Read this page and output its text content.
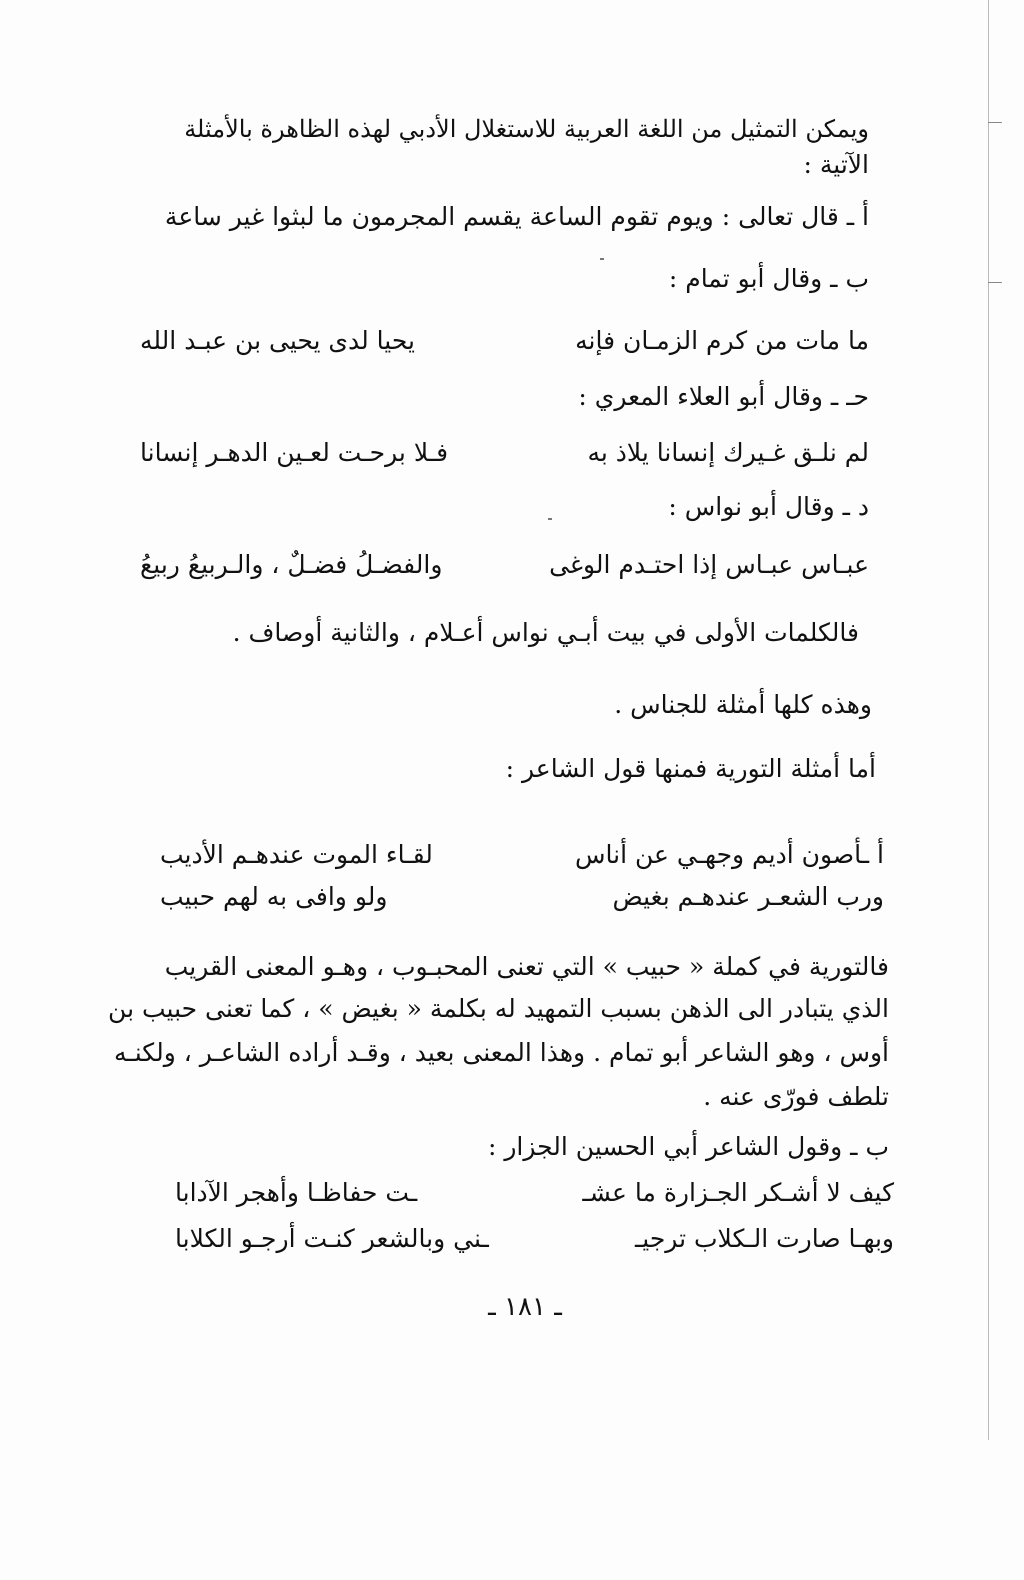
ويمكن التمثيل من اللغة العربية للاستغلال الأدبي لهذه الظاهرة بالأمثلة
الآتية :
أ ـ قال تعالى : ويوم تقوم الساعة يقسم المجرمون ما لبثوا غير ساعة
ب ـ وقال أبو تمام :
ما مات من كرم الزمـان فإنه
يحيا لدى يحيى بن عبـد الله
حـ ـ وقال أبو العلاء المعري :
لم نلـق غـيرك إنسانا يلاذ به
فـلا برحـت لعـين الدهـر إنسانا
د ـ وقال أبو نواس :
عبـاس عبـاس إذا احتـدم الوغى
والفضـلُ فضـلٌ ، والـربيعُ ربيعُ
فالكلمات الأولى في بيت أبـي نواس أعـلام ، والثانية أوصاف .
وهذه كلها أمثلة للجناس .
أما أمثلة التورية فمنها قول الشاعر :
أ ـأصون أديم وجهـي عن أناس
لقـاء الموت عندهـم الأديب
ورب الشعـر عندهـم بغيض
ولو وافى به لهم حبيب
فالتورية في كملة « حبيب » التي تعنى المحبـوب ، وهـو المعنى القريب
الذي يتبادر الى الذهن بسبب التمهيد له بكلمة « بغيض » ، كما تعنى حبيب بن
أوس ، وهو الشاعر أبو تمام . وهذا المعنى بعيد ، وقـد أراده الشاعـر ، ولكنـه
تلطف فورّى عنه .
ب ـ وقول الشاعر أبي الحسين الجزار :
كيف لا أشـكر الجـزارة ما عشـ
ـت حفاظـا وأهجر الآدابا
وبهـا صارت الـكلاب ترجيـ
ـني وبالشعر كنـت أرجـو الكلابا
ـ ١٨١ ـ
